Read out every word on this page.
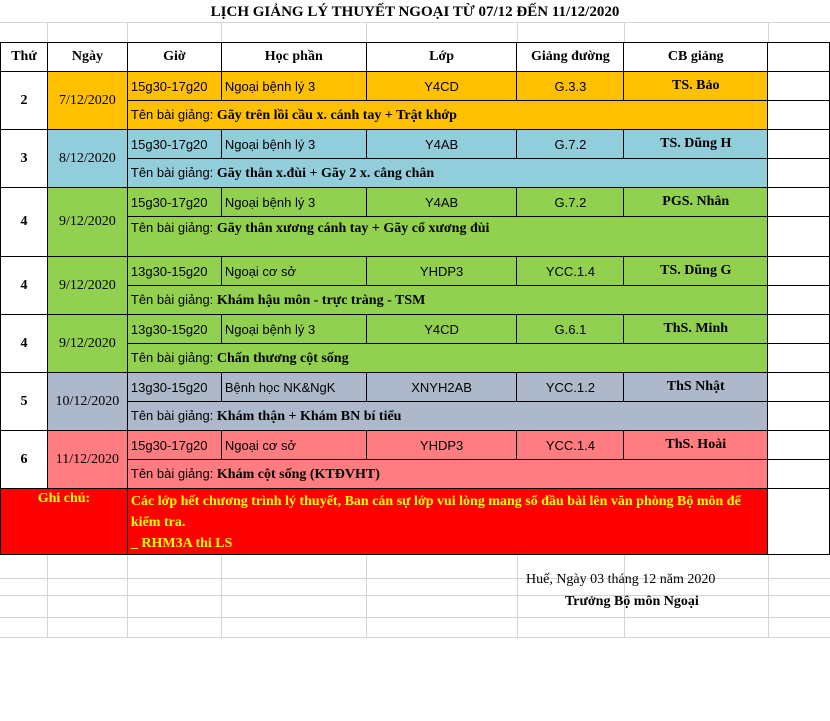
LỊCH GIẢNG LÝ THUYẾT NGOẠI TỪ 07/12 ĐẾN 11/12/2020
Thứ	Ngày	Giờ	Học phần	Lớp	Giảng đường	CB giảng	
2	7/12/2020	15g30-17g20	Ngoại bệnh lý 3	Y4CD	G.3.3	TS. Bảo	
		Tên bài giảng: Gãy trên lồi cầu x. cánh tay + Trật khớp					
3	8/12/2020	15g30-17g20	Ngoại bệnh lý 3	Y4AB	G.7.2	TS. Dũng H	
		Tên bài giảng: Gãy thân x.đùi + Gãy 2 x. cẳng chân					
4	9/12/2020	15g30-17g20	Ngoại bệnh lý 3	Y4AB	G.7.2	PGS. Nhân	
		Tên bài giảng: Gãy thân xương cánh tay + Gãy cổ xương đùi					
4	9/12/2020	13g30-15g20	Ngoại cơ sở	YHDP3	YCC.1.4	TS. Dũng G	
		Tên bài giảng: Khám hậu môn - trực tràng - TSM					
4	9/12/2020	13g30-15g20	Ngoại bệnh lý 3	Y4CD	G.6.1	ThS. Minh	
		Tên bài giảng: Chấn thương cột sống					
5	10/12/2020	13g30-15g20	Bệnh học NK&NgK	XNYH2AB	YCC.1.2	ThS Nhật	
		Tên bài giảng: Khám thận + Khám BN bí tiểu					
6	11/12/2020	15g30-17g20	Ngoại cơ sở	YHDP3	YCC.1.4	ThS. Hoài	
		Tên bài giảng: Khám cột sống (KTĐVHT)					
Ghi chú:		Các lớp hết chương trình lý thuyết, Ban cán sự lớp vui lòng mang sổ đầu bài lên văn phòng Bộ môn để kiểm tra.
_ RHM3A thi LS					

Huế, Ngày 03 tháng 12 năm 2020
Trưởng Bộ môn Ngoại
